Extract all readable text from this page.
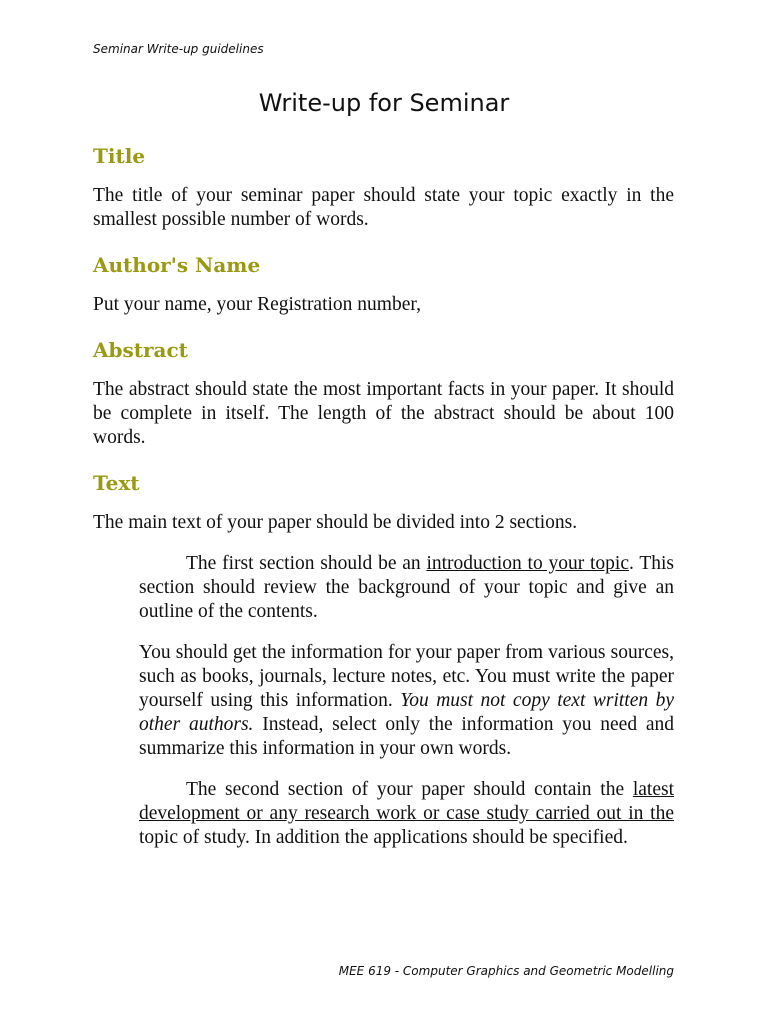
Seminar Write-up guidelines
Write-up for Seminar
Title

The title of your seminar paper should state your topic exactly in the smallest possible number of words.

Author's Name

Put your name, your Registration number,

Abstract

The abstract should state the most important facts in your paper. It should be complete in itself. The length of the abstract should be about 100 words.

Text

The main text of your paper should be divided into 2 sections.

The first section should be an introduction to your topic. This section should review the background of your topic and give an outline of the contents.

You should get the information for your paper from various sources, such as books, journals, lecture notes, etc. You must write the paper yourself using this information. You must not copy text written by other authors. Instead, select only the information you need and summarize this information in your own words.

The second section of your paper should contain the latest development or any research work or case study carried out in the topic of study. In addition the applications should be specified.

MEE 619 - Computer Graphics and Geometric Modelling
